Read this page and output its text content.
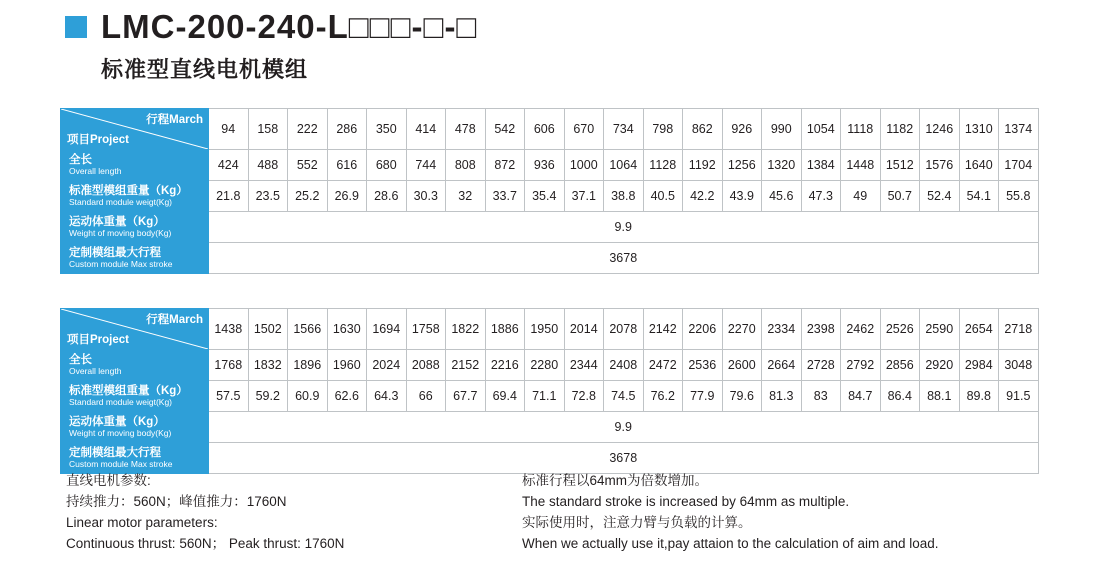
LMC-200-240-L□□□-□-□
标准型直线电机模组
行程March
项目Project	94	158	222	286	350	414	478	542	606	670	734	798	862	926	990	1054	1118	1182	1246	1310	1374

全长
Overall length	424	488	552	616	680	744	808	872	936	1000	1064	1128	1192	1256	1320	1384	1448	1512	1576	1640	1704

标准型模组重量（Kg）
Standard module weigt(Kg)	21.8	23.5	25.2	26.9	28.6	30.3	32	33.7	35.4	37.1	38.8	40.5	42.2	43.9	45.6	47.3	49	50.7	52.4	54.1	55.8

运动体重量（Kg）
Weight of moving body(Kg)	9.9																				

定制模组最大行程
Custom module Max stroke	3678																				
行程March
项目Project	1438	1502	1566	1630	1694	1758	1822	1886	1950	2014	2078	2142	2206	2270	2334	2398	2462	2526	2590	2654	2718

全长
Overall length	1768	1832	1896	1960	2024	2088	2152	2216	2280	2344	2408	2472	2536	2600	2664	2728	2792	2856	2920	2984	3048

标准型模组重量（Kg）
Standard module weigt(Kg)	57.5	59.2	60.9	62.6	64.3	66	67.7	69.4	71.1	72.8	74.5	76.2	77.9	79.6	81.3	83	84.7	86.4	88.1	89.8	91.5

运动体重量（Kg）
Weight of moving body(Kg)	9.9																				

定制模组最大行程
Custom module Max stroke	3678																				
直线电机参数:
持续推力：560N；峰值推力：1760N
Linear motor parameters:
Continuous thrust: 560N； Peak thrust: 1760N
标准行程以64mm为倍数增加。
The standard stroke is increased by 64mm as multiple.
实际使用时，注意力臂与负载的计算。
When we actually use it,pay attaion to the calculation of aim and load.
